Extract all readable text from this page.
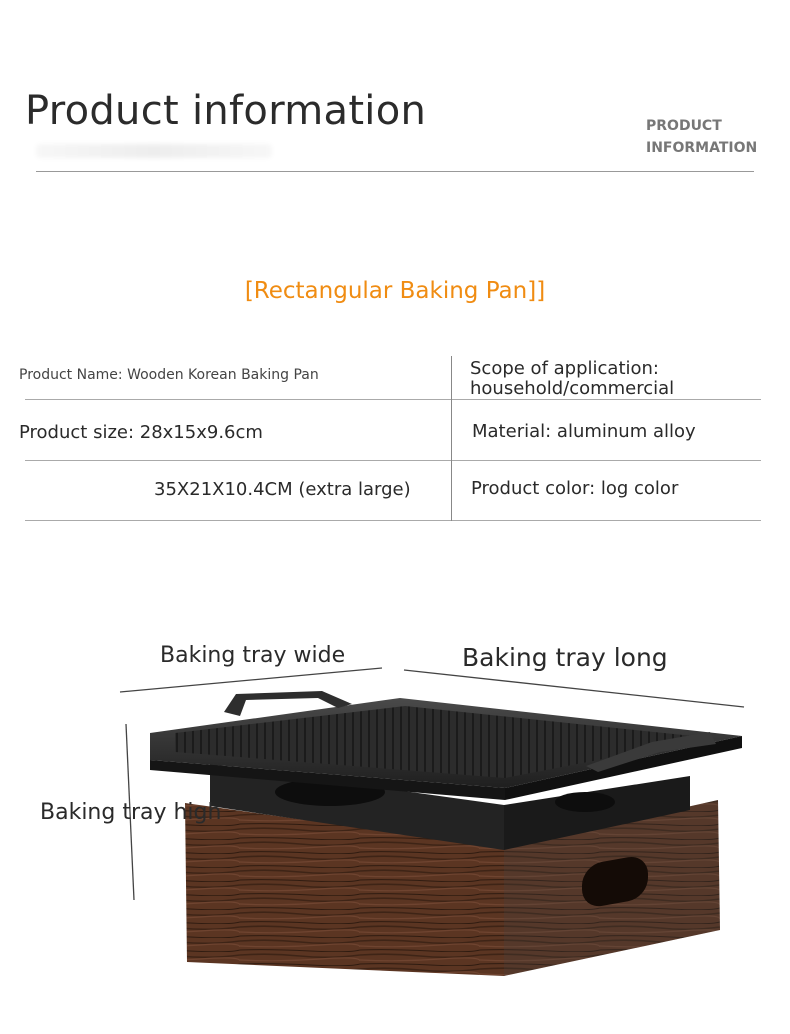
Product information	PRODUCT
INFORMATION
[Rectangular Baking Pan]]
Product Name: Wooden Korean Baking Pan	Scope of application:
household/commercial
Product size: 28x15x9.6cm	Material: aluminum alloy
35X21X10.4CM (extra large)	Product color: log color
Baking tray wide	Baking tray long
Baking tray high
